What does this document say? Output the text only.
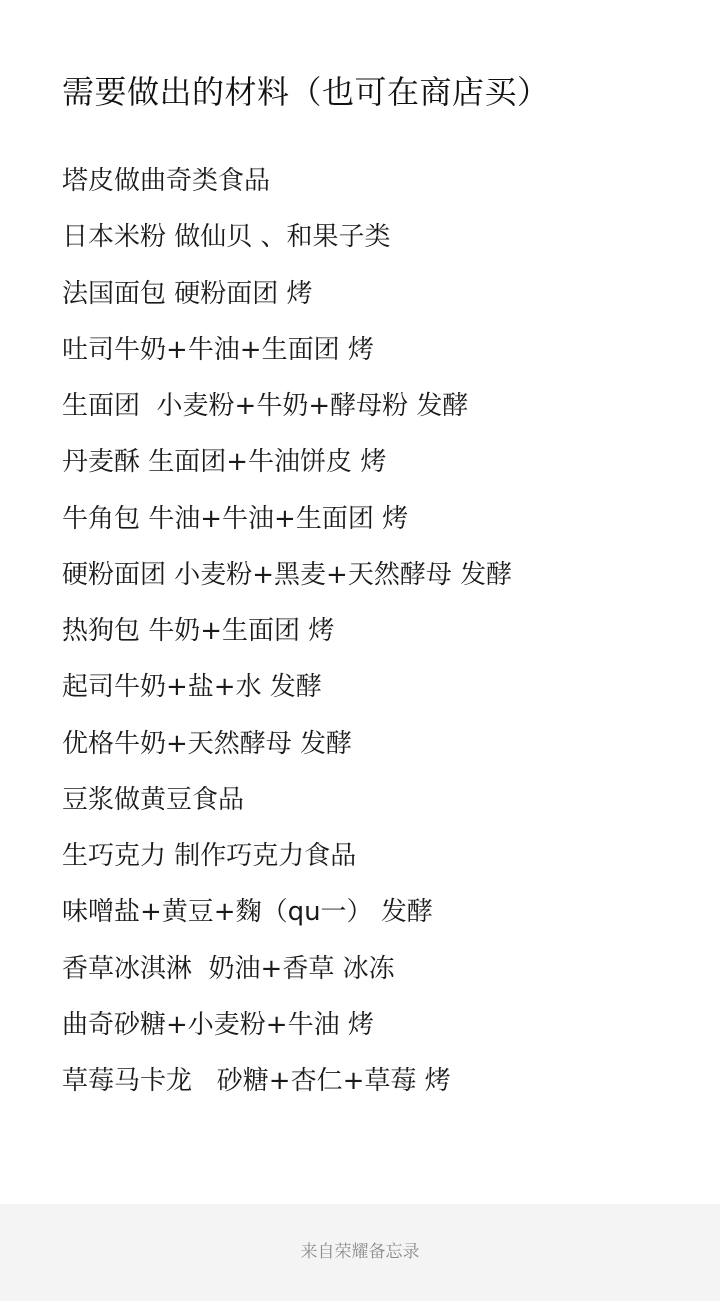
需要做出的材料（也可在商店买）
塔皮做曲奇类食品
日本米粉 做仙贝 、和果子类
法国面包 硬粉面团 烤
吐司牛奶+牛油+生面团 烤
生面团  小麦粉+牛奶+酵母粉 发酵
丹麦酥 生面团+牛油饼皮 烤
牛角包 牛油+牛油+生面团 烤
硬粉面团 小麦粉+黑麦+天然酵母 发酵
热狗包 牛奶+生面团 烤
起司牛奶+盐+水 发酵
优格牛奶+天然酵母 发酵
豆浆做黄豆食品
生巧克力 制作巧克力食品
味噌盐+黄豆+麴（qu一） 发酵
香草冰淇淋  奶油+香草 冰冻
曲奇砂糖+小麦粉+牛油 烤
草莓马卡龙   砂糖+杏仁+草莓 烤
来自荣耀备忘录
